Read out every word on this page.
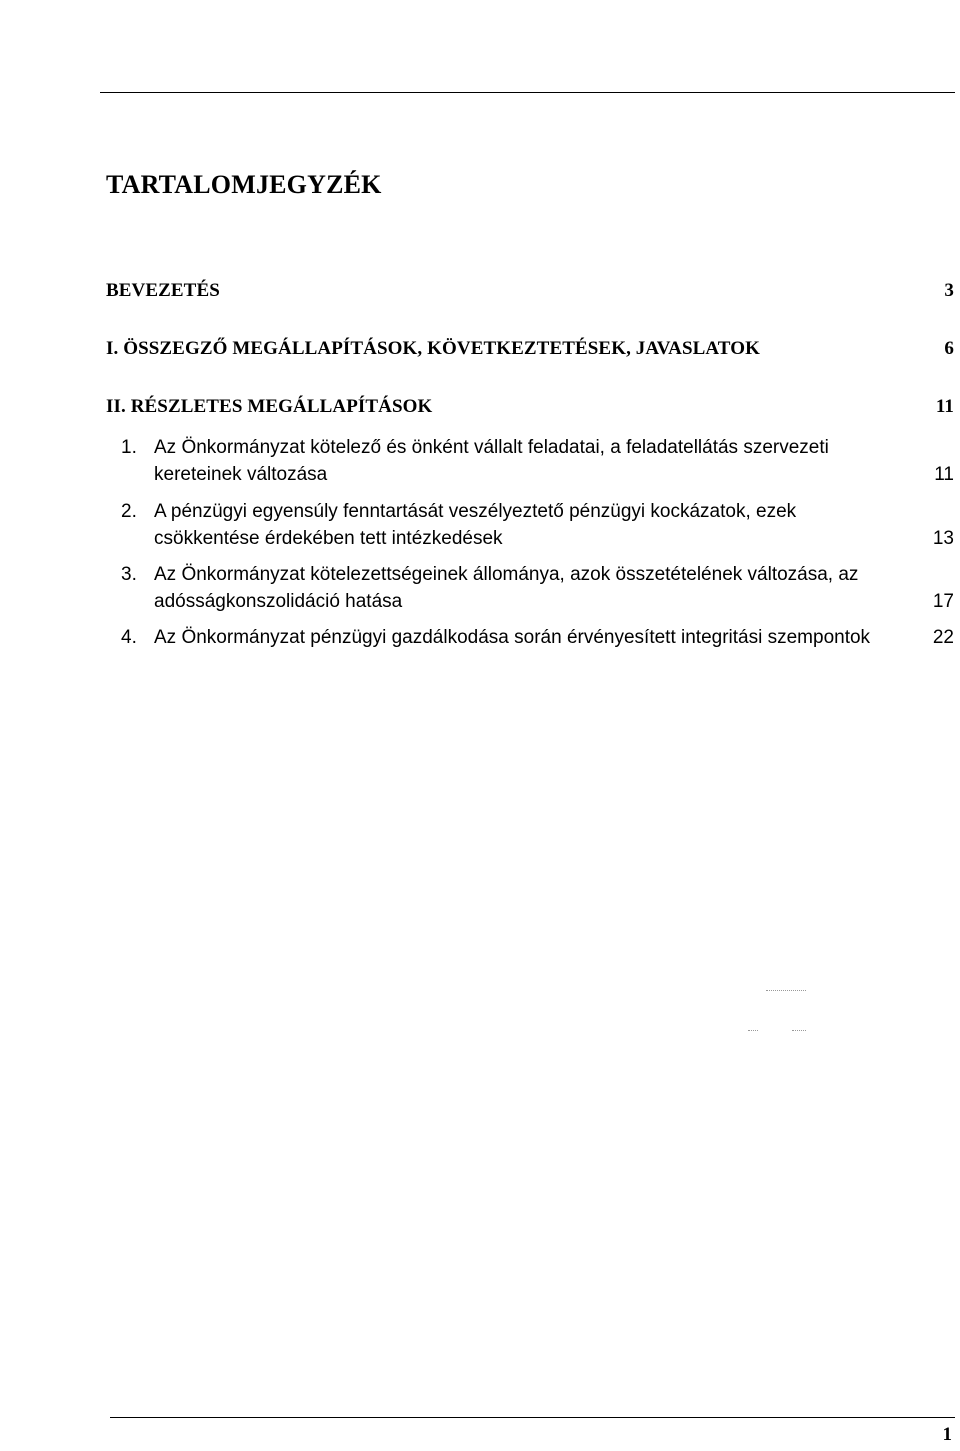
TARTALOMJEGYZÉK
BEVEZETÉS	3
I. ÖSSZEGZŐ MEGÁLLAPÍTÁSOK, KÖVETKEZTETÉSEK, JAVASLATOK	6
II. RÉSZLETES MEGÁLLAPÍTÁSOK	11
1. Az Önkormányzat kötelező és önként vállalt feladatai, a feladatellátás szervezeti kereteinek változása	11
2. A pénzügyi egyensúly fenntartását veszélyeztető pénzügyi kockázatok, ezek csökkentése érdekében tett intézkedések	13
3. Az Önkormányzat kötelezettségeinek állománya, azok összetételének változása, az adósságkonszolidáció hatása	17
4. Az Önkormányzat pénzügyi gazdálkodása során érvényesített integritási szempontok	22
1
